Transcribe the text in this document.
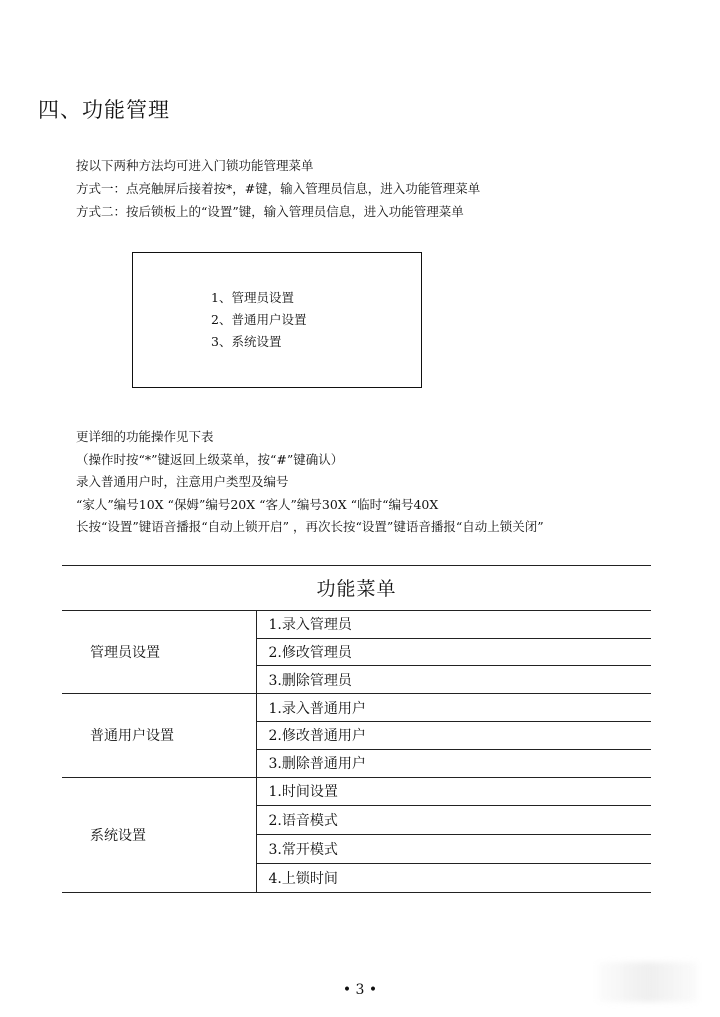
四、功能管理
按以下两种方法均可进入门锁功能管理菜单
方式一：点亮触屏后接着按*，#键，输入管理员信息，进入功能管理菜单
方式二：按后锁板上的“设置”键，输入管理员信息，进入功能管理菜单
1、管理员设置
2、普通用户设置
3、系统设置
更详细的功能操作见下表
（操作时按“*”键返回上级菜单，按“#”键确认）
录入普通用户时，注意用户类型及编号
“家人”编号10X “保姆”编号20X “客人”编号30X “临时“编号40X
长按“设置”键语音播报“自动上锁开启” ，再次长按“设置”键语音播报“自动上锁关闭”
功能菜单	
管理员设置	1.录入管理员
	2.修改管理员
	3.删除管理员
普通用户设置	1.录入普通用户
	2.修改普通用户
	3.删除普通用户
系统设置	1.时间设置
	2.语音模式
	3.常开模式
	4.上锁时间
• 3 •
